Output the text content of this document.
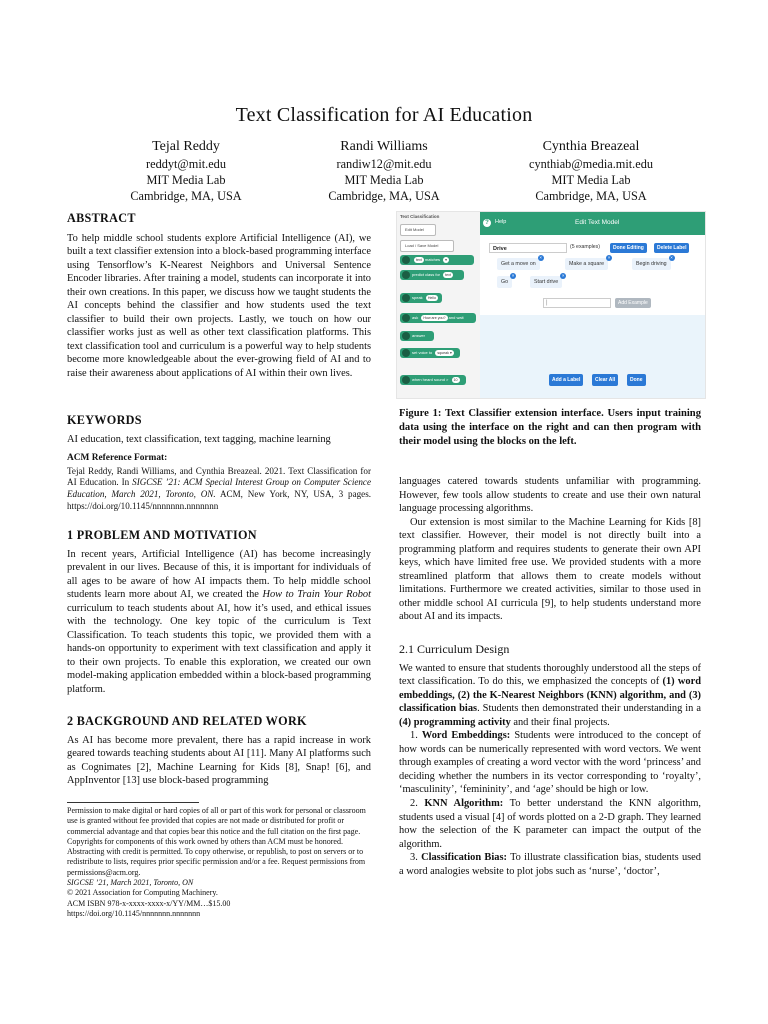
Text Classification for AI Education
Tejal Reddy
reddyt@mit.edu
MIT Media Lab
Cambridge, MA, USA
Randi Williams
randiw12@mit.edu
MIT Media Lab
Cambridge, MA, USA
Cynthia Breazeal
cynthiab@media.mit.edu
MIT Media Lab
Cambridge, MA, USA

ABSTRACT

To help middle school students explore Artificial Intelligence (AI), we built a text classifier extension into a block-based programming interface using Tensorflow’s K-Nearest Neighbors and Universal Sentence Encoder libraries. After training a model, students can incorporate it into their own creations. In this paper, we discuss how we taught students the AI concepts behind the classifier and how students used the text classifier to build their own projects. Lastly, we touch on how our classifier works just as well as other text classification platforms. This text classification tool and curriculum is a powerful way to help students become more knowledgeable about the ever-growing field of AI and to raise their awareness about applications of AI within their own lives.

KEYWORDS

AI education, text classification, text tagging, machine learning

ACM Reference Format:

Tejal Reddy, Randi Williams, and Cynthia Breazeal. 2021. Text Classification for AI Education. In SIGCSE ’21: ACM Special Interest Group on Computer Science Education, March 2021, Toronto, ON. ACM, New York, NY, USA, 3 pages. https://doi.org/10.1145/nnnnnnn.nnnnnnn

1 PROBLEM AND MOTIVATION

In recent years, Artificial Intelligence (AI) has become increasingly prevalent in our lives. Because of this, it is important for individuals of all ages to be aware of how AI impacts them. To help middle school students learn more about AI, we created the How to Train Your Robot curriculum to teach students about AI, how it’s used, and ethical issues with the technology. One key topic of the curriculum is Text Classification. To teach students this topic, we provided them with a hands-on opportunity to experiment with text classification and apply it to their own projects. To enable this exploration, we created our own model-making application embedded within a block-based programming platform.

2 BACKGROUND AND RELATED WORK

As AI has become more prevalent, there has a rapid increase in work geared towards teaching students about AI [11]. Many AI platforms such as Cognimates [2], Machine Learning for Kids [8], Snap! [6], and AppInventor [13] use block-based programming

Permission to make digital or hard copies of all or part of this work for personal or classroom use is granted without fee provided that copies are not made or distributed for profit or commercial advantage and that copies bear this notice and the full citation on the first page. Copyrights for components of this work owned by others than ACM must be honored. Abstracting with credit is permitted. To copy otherwise, or republish, to post on servers or to redistribute to lists, requires prior specific permission and/or a fee. Request permissions from permissions@acm.org.

SIGCSE ’21, March 2021, Toronto, ON

© 2021 Association for Computing Machinery.

ACM ISBN 978-x-xxxx-xxxx-x/YY/MM…$15.00

https://doi.org/10.1145/nnnnnnn.nnnnnnn

Text Classification
Edit Model
Load / Save Model
text matches ▾
predict class for text
speak Hello
ask How are you? and wait
answer
set voice to squeak ▾
when heard sound > 10
?	Help	Edit Text Model
Drive	(5 examples)	Done Editing	Delete Label
Get a move on
×
Make a square
×
Begin driving
×
Go
×
Start drive
×
|	Add Example
Add a Label	Clear All	Done
Figure 1: Text Classifier extension interface. Users input training data using the interface on the right and can then program with their model using the blocks on the left.

languages catered towards students unfamiliar with programming. However, few tools allow students to create and use their own natural language processing algorithms.

Our extension is most similar to the Machine Learning for Kids [8] text classifier. However, their model is not directly built into a programming platform and requires students to generate their own API keys, which have limited free use. We provided students with a more streamlined platform that allows them to create models without limitations. Furthermore we created activities, similar to those used in other middle school AI curricula [9], to help students understand more about AI and its impacts.

2.1 Curriculum Design

We wanted to ensure that students thoroughly understood all the steps of text classification. To do this, we emphasized the concepts of (1) word embeddings, (2) the K-Nearest Neighbors (KNN) algorithm, and (3) classification bias. Students then demonstrated their understanding in a (4) programming activity and their final projects.

1. Word Embeddings: Students were introduced to the concept of how words can be numerically represented with word vectors. We went through examples of creating a word vector with the word ‘princess’ and deciding whether the numbers in its vector corresponding to ‘royalty’, ‘masculinity’, ‘femininity’, and ‘age’ should be high or low.

2. KNN Algorithm: To better understand the KNN algorithm, students used a visual [4] of words plotted on a 2-D graph. They learned how the selection of the K parameter can impact the output of the algorithm.

3. Classification Bias: To illustrate classification bias, students used a word analogies website to plot jobs such as ‘nurse’, ‘doctor’,
